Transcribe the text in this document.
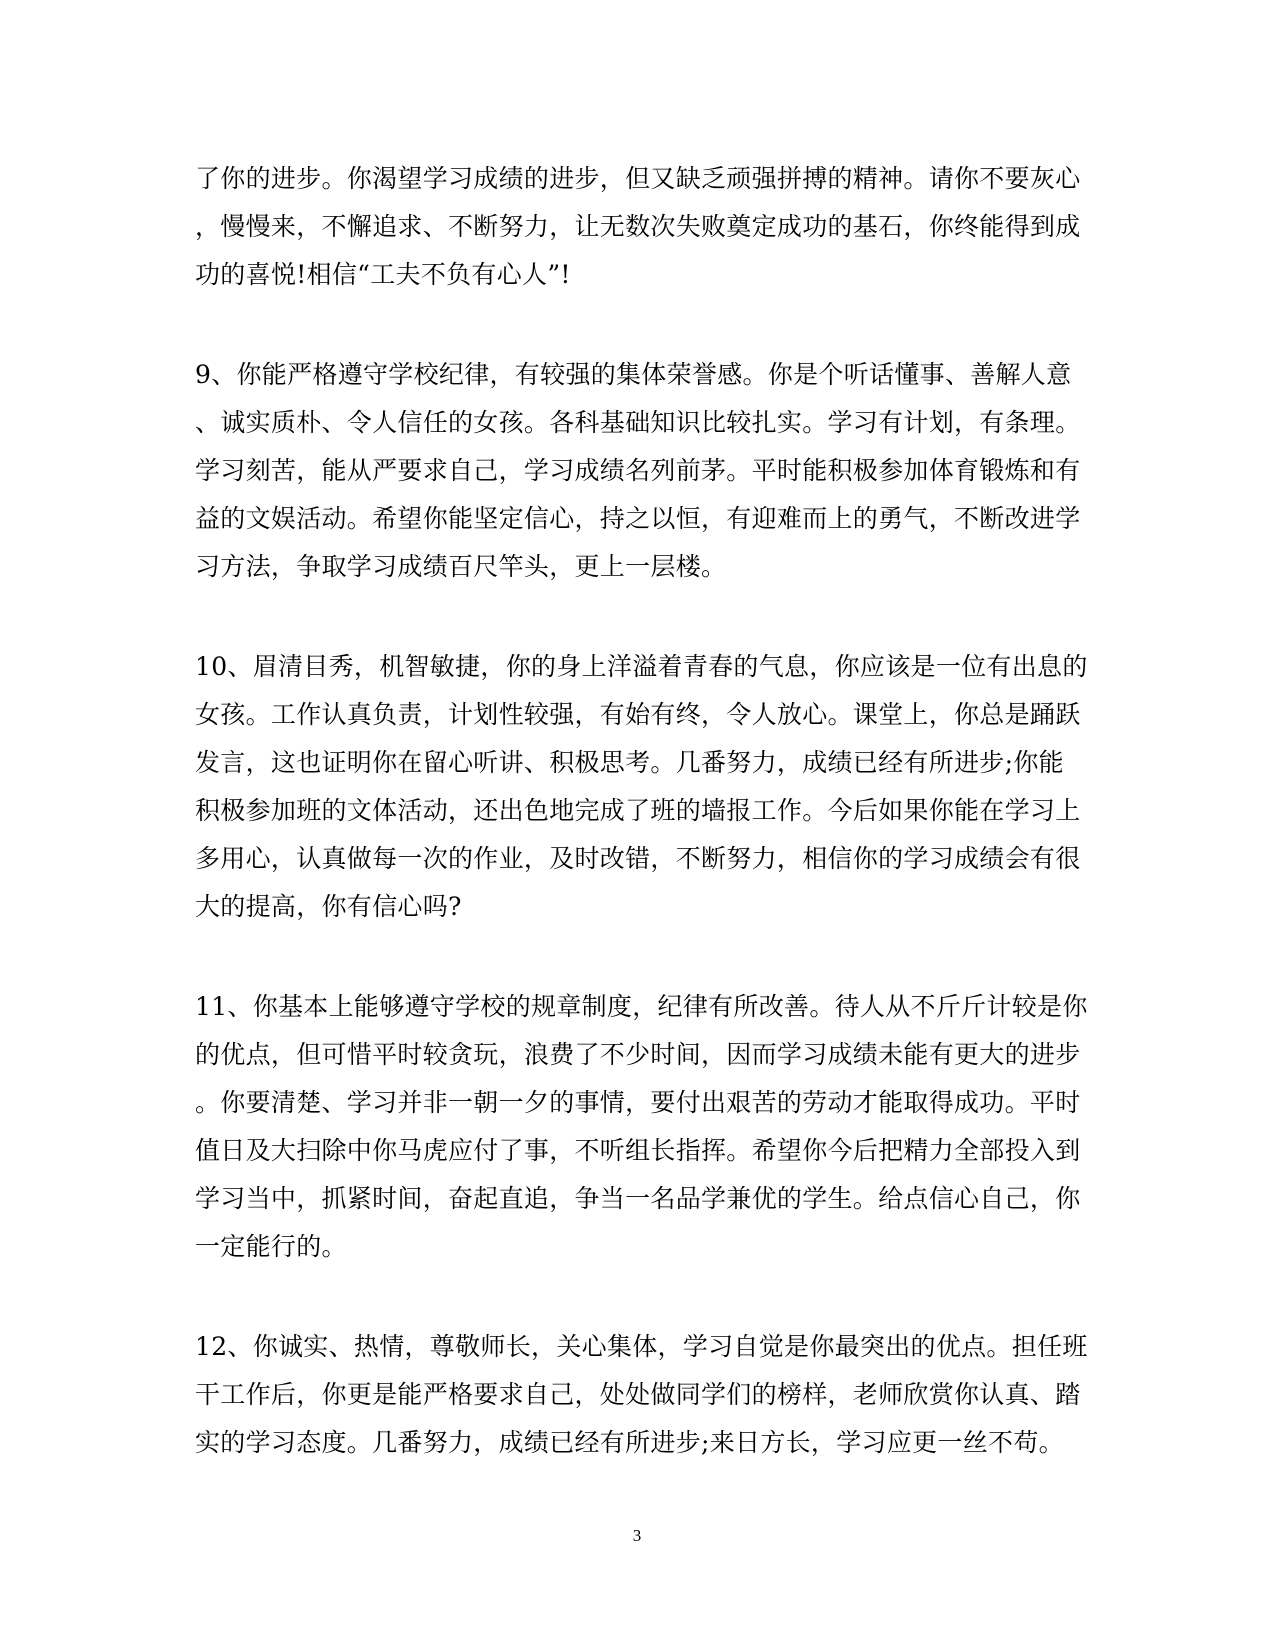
了你的进步。你渴望学习成绩的进步，但又缺乏顽强拼搏的精神。请你不要灰心
，慢慢来，不懈追求、不断努力，让无数次失败奠定成功的基石，你终能得到成
功的喜悦!相信“工夫不负有心人”!

9、你能严格遵守学校纪律，有较强的集体荣誉感。你是个听话懂事、善解人意
、诚实质朴、令人信任的女孩。各科基础知识比较扎实。学习有计划，有条理。
学习刻苦，能从严要求自己，学习成绩名列前茅。平时能积极参加体育锻炼和有
益的文娱活动。希望你能坚定信心，持之以恒，有迎难而上的勇气，不断改进学
习方法，争取学习成绩百尺竿头，更上一层楼。

10、眉清目秀，机智敏捷，你的身上洋溢着青春的气息，你应该是一位有出息的
女孩。工作认真负责，计划性较强，有始有终，令人放心。课堂上，你总是踊跃
发言，这也证明你在留心听讲、积极思考。几番努力，成绩已经有所进步;你能
积极参加班的文体活动，还出色地完成了班的墙报工作。今后如果你能在学习上
多用心，认真做每一次的作业，及时改错，不断努力，相信你的学习成绩会有很
大的提高，你有信心吗?

11、你基本上能够遵守学校的规章制度，纪律有所改善。待人从不斤斤计较是你
的优点，但可惜平时较贪玩，浪费了不少时间，因而学习成绩未能有更大的进步
。你要清楚、学习并非一朝一夕的事情，要付出艰苦的劳动才能取得成功。平时
值日及大扫除中你马虎应付了事，不听组长指挥。希望你今后把精力全部投入到
学习当中，抓紧时间，奋起直追，争当一名品学兼优的学生。给点信心自己，你
一定能行的。

12、你诚实、热情，尊敬师长，关心集体，学习自觉是你最突出的优点。担任班
干工作后，你更是能严格要求自己，处处做同学们的榜样，老师欣赏你认真、踏
实的学习态度。几番努力，成绩已经有所进步;来日方长，学习应更一丝不苟。

3
